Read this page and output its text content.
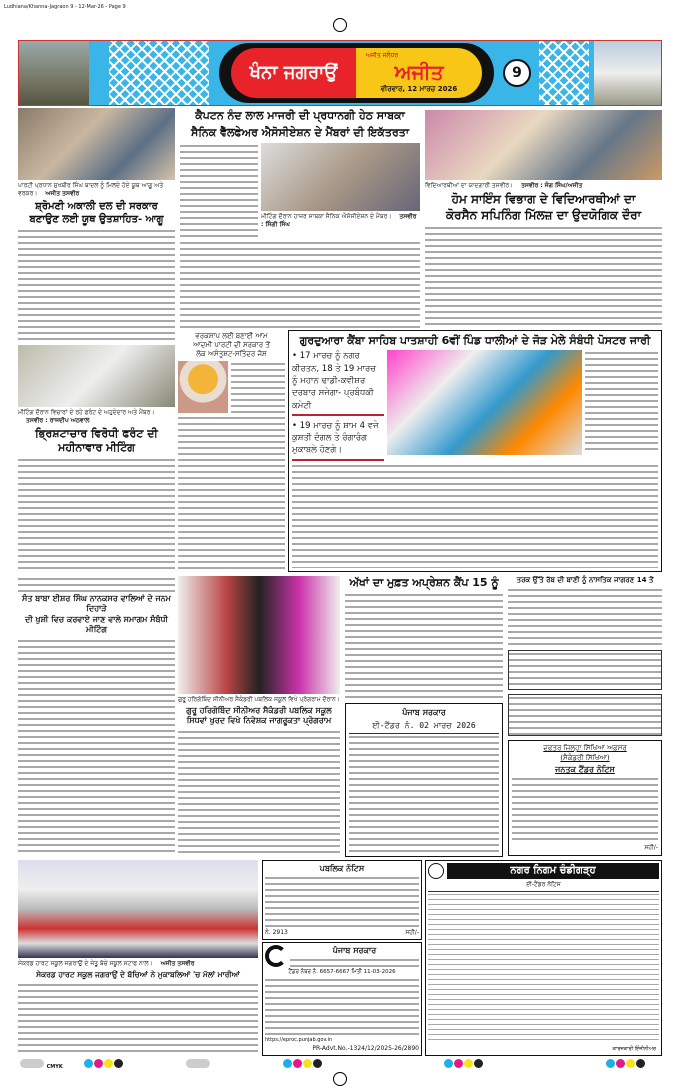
Ludhiana/Khanna-Jagraon 9 - 12-Mar-26 - Page 9
ਖੰਨਾ ਜਗਰਾਉਂ
ਅਜੀਤ ਜਲੰਧਰ
ਅਜੀਤ
ਵੀਰਵਾਰ, 12 ਮਾਰਚ 2026
9
ਪਾਰਟੀ ਪ੍ਰਧਾਨ ਸੁਖਬੀਰ ਸਿੰਘ ਬਾਦਲ ਨੂੰ ਮਿਲਦੇ ਹੋਏ ਯੂਥ ਆਗੂ ਅਤੇ ਵਰਕਰ। ਅਜੀਤ ਤਸਵੀਰ
ਸ਼੍ਰੋਮਣੀ ਅਕਾਲੀ ਦਲ ਦੀ ਸਰਕਾਰ
ਬਣਾਉਣ ਲਈ ਯੂਥ ਉਤਸ਼ਾਹਿਤ- ਆਗੂ
ਮੀਟਿੰਗ ਦੌਰਾਨ ਵਿਚਾਰਾਂ ਦੇ ਰਹੇ ਫਰੰਟ ਦੇ ਅਹੁਦੇਦਾਰ ਅਤੇ ਮੈਂਬਰ।ਤਸਵੀਰ : ਰਾਜਦੀਪ ਅਠਵਾਲ
ਭ੍ਰਿਸ਼ਟਾਚਾਰ ਵਿਰੋਧੀ ਫਰੰਟ ਦੀ
ਮਹੀਨਾਵਾਰ ਮੀਟਿੰਗ
ਕੈਪਟਨ ਨੰਦ ਲਾਲ ਮਾਜਰੀ ਦੀ ਪ੍ਰਧਾਨਗੀ ਹੇਠ ਸਾਬਕਾ
ਸੈਨਿਕ ਵੈੱਲਫੇਅਰ ਐਸੋਸੀਏਸ਼ਨ ਦੇ ਮੈਂਬਰਾਂ ਦੀ ਇਕੱਤਰਤਾ
ਮੀਟਿੰਗ ਦੌਰਾਨ ਹਾਜ਼ਰ ਸਾਬਕਾ ਸੈਨਿਕ ਐਸੋਸੀਏਸ਼ਨ ਦੇ ਮੈਂਬਰ। ਤਸਵੀਰ : ਸਿੰਗੀ ਸਿੰਘ
ਵਿਦਿਆਰਥੀਆਂ ਦਾ ਯਾਦਗਾਰੀ ਤਸਵੀਰ। ਤਸਵੀਰ : ਜੰਗ ਸਿੰਘ/ਅਜੀਤ
ਹੋਮ ਸਾਇੰਸ ਵਿਭਾਗ ਦੇ ਵਿਦਿਆਰਥੀਆਂ ਦਾ
ਕੋਰਸੈਨ ਸਪਿਨਿੰਗ ਮਿੱਲਜ਼ ਦਾ ਉਦਯੋਗਿਕ ਦੌਰਾ
ਵਰਕਸ਼ਾਪ ਲਈ ਬਣਾਈ ਆਮ
ਆਦਮੀ ਪਾਰਟੀ ਦੀ ਸਰਕਾਰ ਤੋਂ
ਲੋਕ ਅਸੰਤੁਸ਼ਟ-ਸਤਿੰਦਰ ਜੋਸ਼
ਗੁਰਦੁਆਰਾ ਕੈਂਬਾ ਸਾਹਿਬ ਪਾਤਸ਼ਾਹੀ 6ਵੀਂ ਪਿੰਡ ਧਾਲੀਆਂ ਦੇ ਜੋੜ ਮੇਲੇ ਸੰਬੰਧੀ ਪੋਸਟਰ ਜਾਰੀ
• 17 ਮਾਰਚ ਨੂੰ ਨਗਰ ਕੀਰਤਨ, 18 ਤੇ 19 ਮਾਰਚ ਨੂੰ ਮਹਾਨ ਢਾਡੀ-ਕਵੀਸ਼ਰ ਦਰਬਾਰ ਸਜੇਗਾ- ਪ੍ਰਬੰਧਕੀ ਕਮੇਟੀ
• 19 ਮਾਰਚ ਨੂੰ ਸ਼ਾਮ 4 ਵਜੇ ਕੁਸ਼ਤੀ ਦੰਗਲ ਤੇ ਰੰਗਾਰੰਗ ਮੁਕਾਬਲੇ ਹੋਣਗੇ।
ਸੰਤ ਬਾਬਾ ਈਸ਼ਰ ਸਿੰਘ ਨਾਨਕਸਰ ਵਾਲਿਆਂ ਦੇ ਜਨਮ ਦਿਹਾੜੇ
ਦੀ ਖੁਸ਼ੀ ਵਿਚ ਕਰਵਾਏ ਜਾਣ ਵਾਲੇ ਸਮਾਗਮ ਸੰਬੰਧੀ ਮੀਟਿੰਗ
ਗੁਰੂ ਹਰਿਗੋਬਿੰਦ ਸੀਨੀਅਰ ਸੈਕੰਡਰੀ ਪਬਲਿਕ ਸਕੂਲ ਵਿਖੇ ਪ੍ਰੋਗਰਾਮ ਦੌਰਾਨ।
ਗੁਰੂ ਹਰਿਗੋਬਿੰਦ ਸੀਨੀਅਰ ਸੈਕੰਡਰੀ ਪਬਲਿਕ ਸਕੂਲ
ਸਿਧਵਾਂ ਖੁਰਦ ਵਿਖੇ ਨਿਵੇਸ਼ਕ ਜਾਗਰੂਕਤਾ ਪ੍ਰੋਗਰਾਮ
ਅੱਖਾਂ ਦਾ ਮੁਫ਼ਤ ਅਪ੍ਰੇਸ਼ਨ ਕੈਂਪ 15 ਨੂੰ	ਤਰਕ ਉੱਤੇ ਰੱਬ ਦੀ ਬਾਣੀ ਨੂੰ ਨਾਸਤਿਕ ਜਾਗਰਣ 14 ਤੋਂ
ਪੰਜਾਬ ਸਰਕਾਰ
ਈ-ਟੈਂਡਰ ਨੰ. 02 ਮਾਰਚ 2026
ਦਫ਼ਤਰ ਜ਼ਿਲ੍ਹਾ ਸਿੱਖਿਆ ਅਫ਼ਸਰ
(ਸੈਕੰਡਰੀ ਸਿੱਖਿਆ)
ਜਨਤਕ ਟੈਂਡਰ ਨੋਟਿਸ
ਸਹੀ/-
ਸੇਕਰਡ ਹਾਰਟ ਸਕੂਲ ਜਗਰਾਉਂ ਦੇ ਜੇਤੂ ਬੱਚੇ ਸਕੂਲ ਸਟਾਫ ਨਾਲ। ਅਜੀਤ ਤਸਵੀਰ
ਸੇਕਰਡ ਹਾਰਟ ਸਕੂਲ ਜਗਰਾਉਂ ਦੇ ਬੱਚਿਆਂ ਨੇ ਮੁਕਾਬਲਿਆਂ 'ਚ ਮੱਲਾਂ ਮਾਰੀਆਂ
ਪਬਲਿਕ ਨੋਟਿਸ
ਨੰ. 2913	ਸਹੀ/-
ਪੰਜਾਬ ਸਰਕਾਰ
ਟੈਂਡਰ ਨੰਬਰ ਨੰ. 6657-6667 ਮਿਤੀ 11-03-2026
https://eproc.punjab.gov.in
PR-Advt.No.-1324/12/2025-26/2890
ਨਗਰ ਨਿਗਮ ਚੰਡੀਗੜ੍ਹ
ਈ-ਟੈਂਡਰ ਨੋਟਿਸ
ਕਾਰਜਕਾਰੀ ਇੰਜੀਨੀਅਰ
CMYK
